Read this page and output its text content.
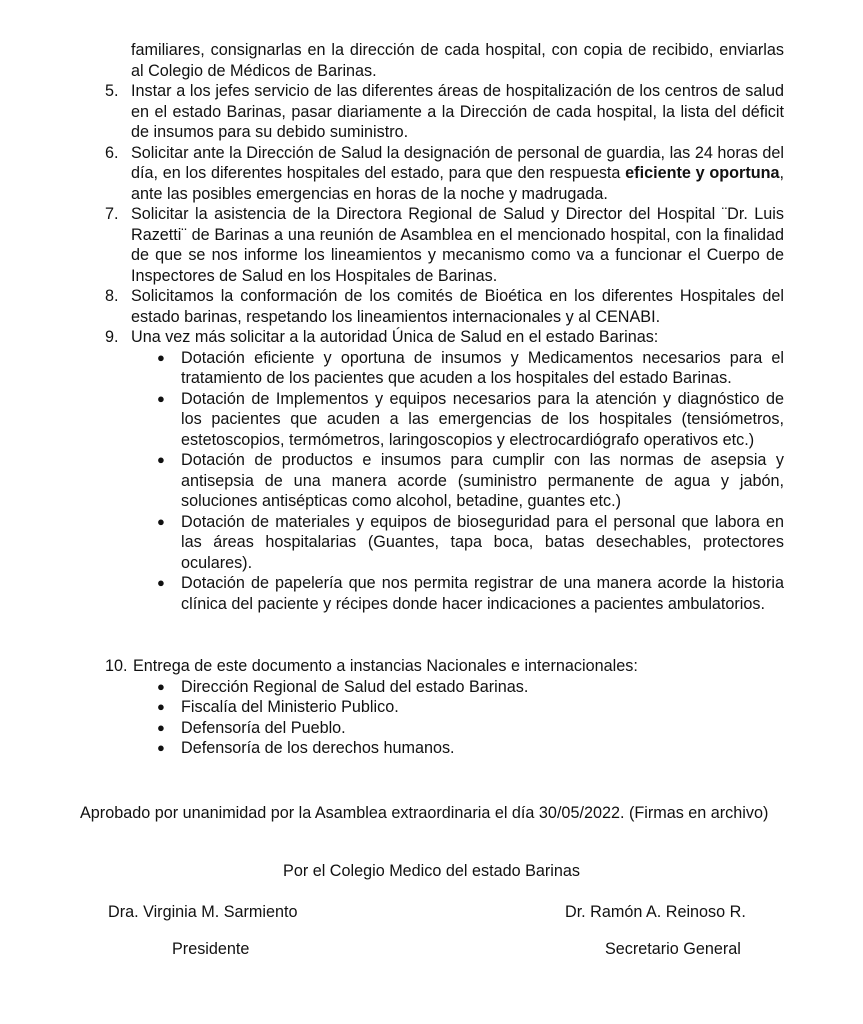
familiares, consignarlas en la dirección de cada hospital, con copia de recibido, enviarlas al Colegio de Médicos de Barinas.
5. Instar a los jefes servicio de las diferentes áreas de hospitalización de los centros de salud en el estado Barinas, pasar diariamente a la Dirección de cada hospital, la lista del déficit de insumos para su debido suministro.
6. Solicitar ante la Dirección de Salud la designación de personal de guardia, las 24 horas del día, en los diferentes hospitales del estado, para que den respuesta eficiente y oportuna, ante las posibles emergencias en horas de la noche y madrugada.
7. Solicitar la asistencia de la Directora Regional de Salud y Director del Hospital ¨Dr. Luis Razetti¨ de Barinas a una reunión de Asamblea en el mencionado hospital, con la finalidad de que se nos informe los lineamientos y mecanismo como va a funcionar el Cuerpo de Inspectores de Salud en los Hospitales de Barinas.
8. Solicitamos la conformación de los comités de Bioética en los diferentes Hospitales del estado barinas, respetando los lineamientos internacionales y al CENABI.
9. Una vez más solicitar a la autoridad Única de Salud en el estado Barinas:
● Dotación eficiente y oportuna de insumos y Medicamentos necesarios para el tratamiento de los pacientes que acuden a los hospitales del estado Barinas.
● Dotación de Implementos y equipos necesarios para la atención y diagnóstico de los pacientes que acuden a las emergencias de los hospitales (tensiómetros, estetoscopios, termómetros, laringoscopios y electrocardiógrafo operativos etc.)
● Dotación de productos e insumos para cumplir con las normas de asepsia y antisepsia de una manera acorde (suministro permanente de agua y jabón, soluciones antisépticas como alcohol, betadine, guantes etc.)
● Dotación de materiales y equipos de bioseguridad para el personal que labora en las áreas hospitalarias (Guantes, tapa boca, batas desechables, protectores oculares).
● Dotación de papelería que nos permita registrar de una manera acorde la historia clínica del paciente y récipes donde hacer indicaciones a pacientes ambulatorios.
10. Entrega de este documento a instancias Nacionales e internacionales:
● Dirección Regional de Salud del estado Barinas.
● Fiscalía del Ministerio Publico.
● Defensoría del Pueblo.
● Defensoría de los derechos humanos.
Aprobado por unanimidad por la Asamblea extraordinaria el día 30/05/2022. (Firmas en archivo)
Por el Colegio Medico del estado Barinas
Dra. Virginia M. Sarmiento	Dr. Ramón A. Reinoso R.
Presidente	Secretario General
